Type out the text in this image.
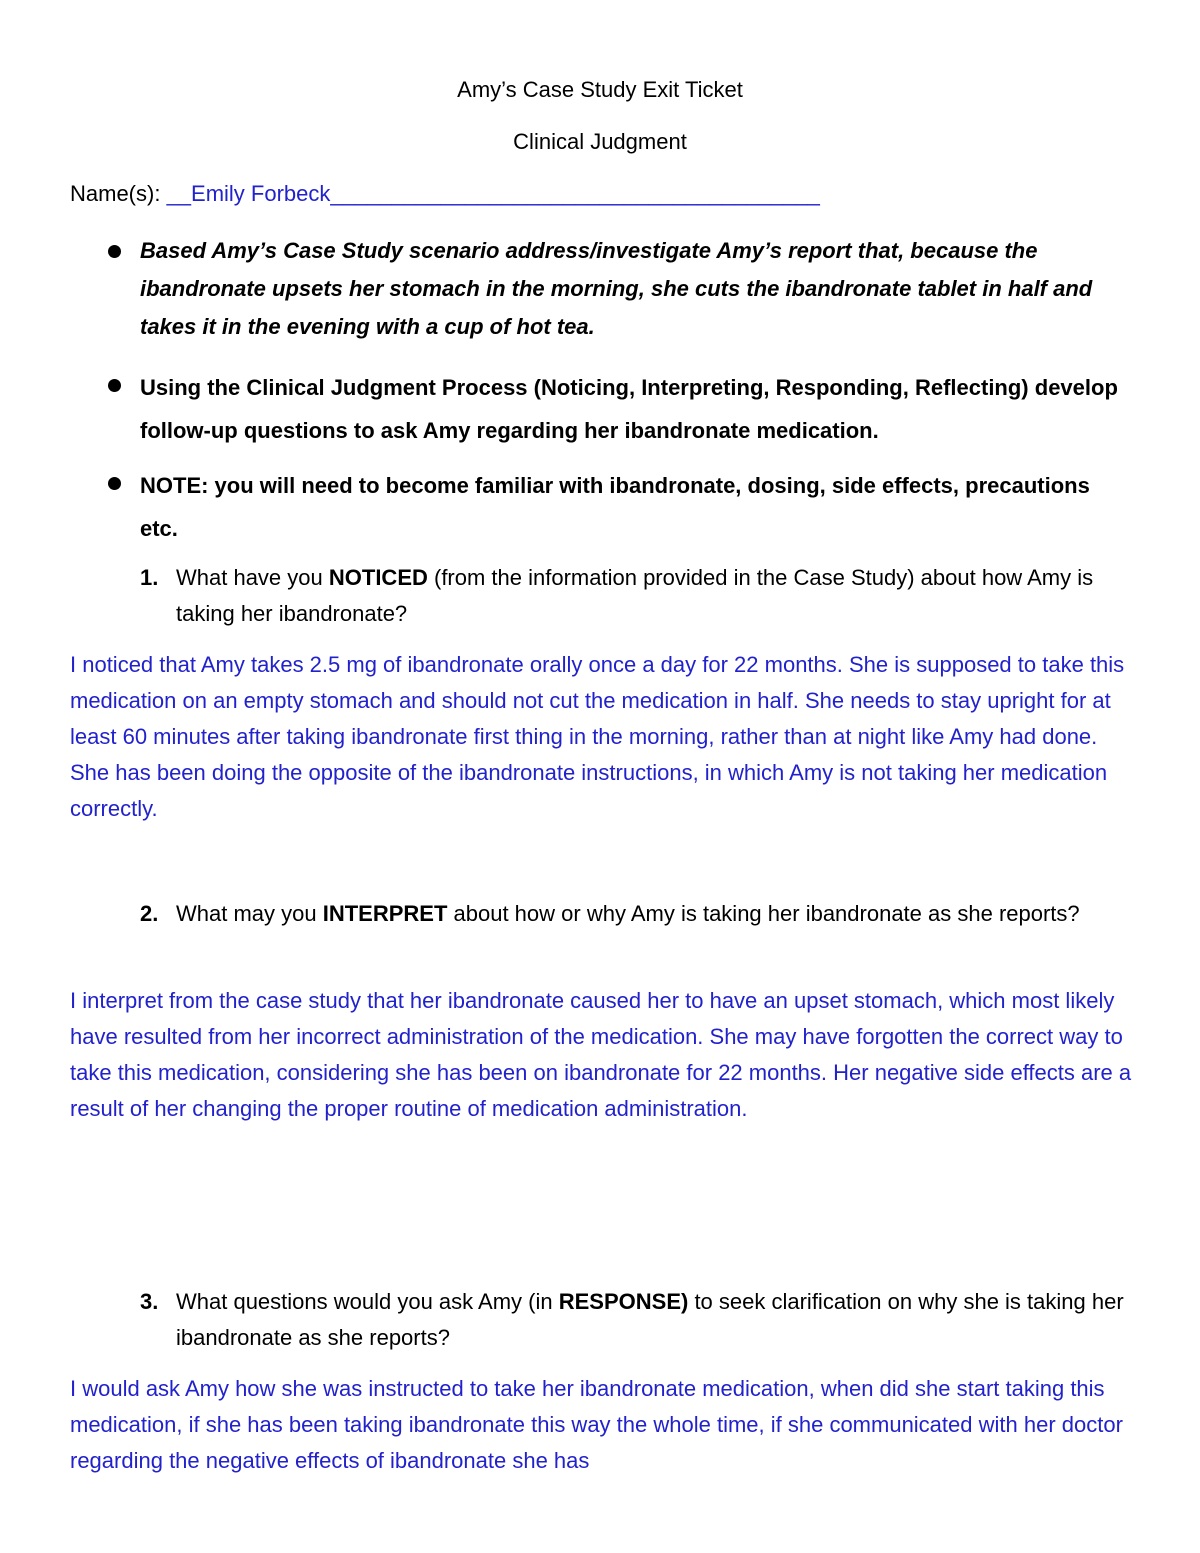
Amy’s Case Study Exit Ticket
Clinical Judgment
Name(s): __Emily Forbeck________________________________________
Based Amy’s Case Study scenario address/investigate Amy’s report that, because the ibandronate upsets her stomach in the morning, she cuts the ibandronate tablet in half and takes it in the evening with a cup of hot tea.
Using the Clinical Judgment Process (Noticing, Interpreting, Responding, Reflecting) develop follow-up questions to ask Amy regarding her ibandronate medication.
NOTE: you will need to become familiar with ibandronate, dosing, side effects, precautions etc.
1. What have you NOTICED (from the information provided in the Case Study) about how Amy is taking her ibandronate?
I noticed that Amy takes 2.5 mg of ibandronate orally once a day for 22 months. She is supposed to take this medication on an empty stomach and should not cut the medication in half. She needs to stay upright for at least 60 minutes after taking ibandronate first thing in the morning, rather than at night like Amy had done. She has been doing the opposite of the ibandronate instructions, in which Amy is not taking her medication correctly.
2. What may you INTERPRET about how or why Amy is taking her ibandronate as she reports?
I interpret from the case study that her ibandronate caused her to have an upset stomach, which most likely have resulted from her incorrect administration of the medication. She may have forgotten the correct way to take this medication, considering she has been on ibandronate for 22 months. Her negative side effects are a result of her changing the proper routine of medication administration.
3. What questions would you ask Amy (in RESPONSE) to seek clarification on why she is taking her ibandronate as she reports?
I would ask Amy how she was instructed to take her ibandronate medication, when did she start taking this medication, if she has been taking ibandronate this way the whole time, if she communicated with her doctor regarding the negative effects of ibandronate she has
